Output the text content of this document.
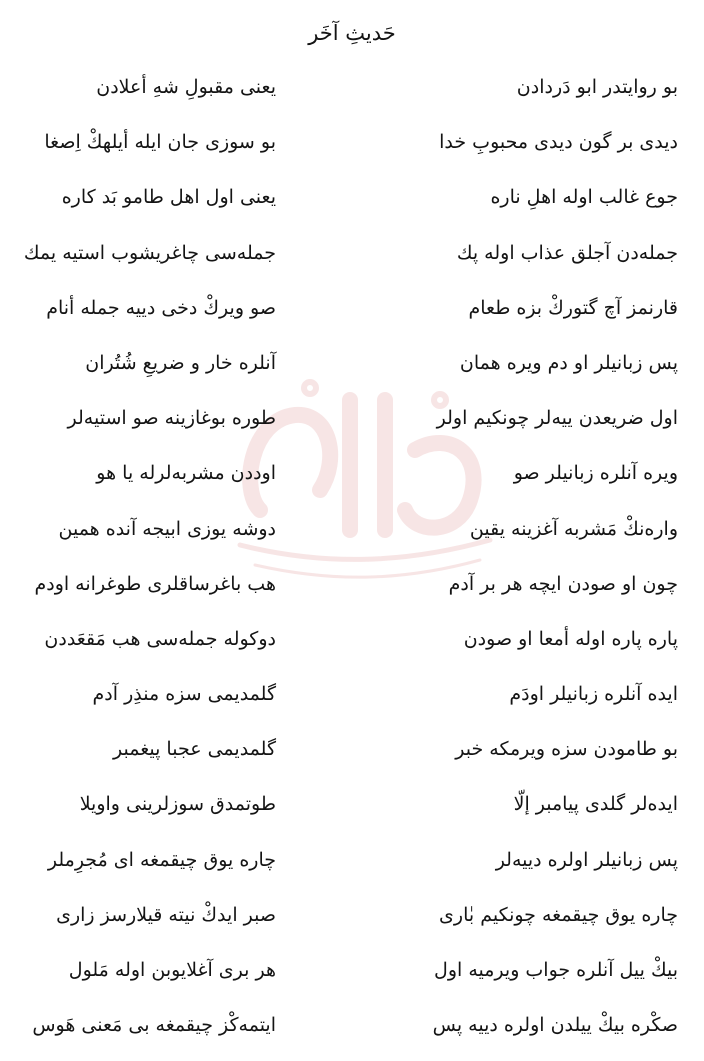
حَدیثِ آخَر
بو روایتدر ابو دَردادن
یعنی مقبولِ شهِ أعلادن
دیدی بر گون دیدی محبوبِ خدا
بو سوزی جان ایله أیلهكْ اِصغا
جوع غالب اوله اهلِ ناره
یعنی اول اهل طامو بَد کاره
جملەدن آجلق عذاب اوله پك
جملەسی چاغریشوب استیه یمك
قارنمز آچ گتوركْ بزه طعام
صو ویركْ دخی دییه جمله أنام
پس زبانیلر او دم ویره همان
آنلره خار و ضریعِ شُتُران
اول ضریعدن ییەلر چونکیم اولر
طوره بوغازینه صو استیەلر
ویره آنلره زبانیلر صو
اوددن مشربەلرله یا هو
وارەنكْ مَشربه آغزینه یقین
دوشه یوزی ابیجه آنده همین
چون او صودن ایچه هر بر آدم
هب باغرساقلری طوغرانه اودم
پاره پاره اوله أمعا او صودن
دوکوله جملەسی هب مَقعَددن
ایده آنلره زبانیلر اودَم
گلمدیمی سزه منذِر آدم
بو طامودن سزه ویرمکه خبر
گلمدیمی عجبا پیغمبر
ایدەلر گلدی پیامبر إلّا
طوتمدق سوزلرینی واویلا
پس زبانیلر اولره دییەلر
چاره یوق چیقمغه ای مُجرِملر
چاره یوق چیقمغه چونکیم بٰاری
صبر ایدكْ نیته قیلارسز زاری
بیكْ ییل آنلره جواب ویرمیه اول
هر بری آغلایوبن اوله مَلول
صكْره بیكْ ییلدن اولره دییه پس
ایتمەكْز چیقمغه بی مَعنی هَوس
